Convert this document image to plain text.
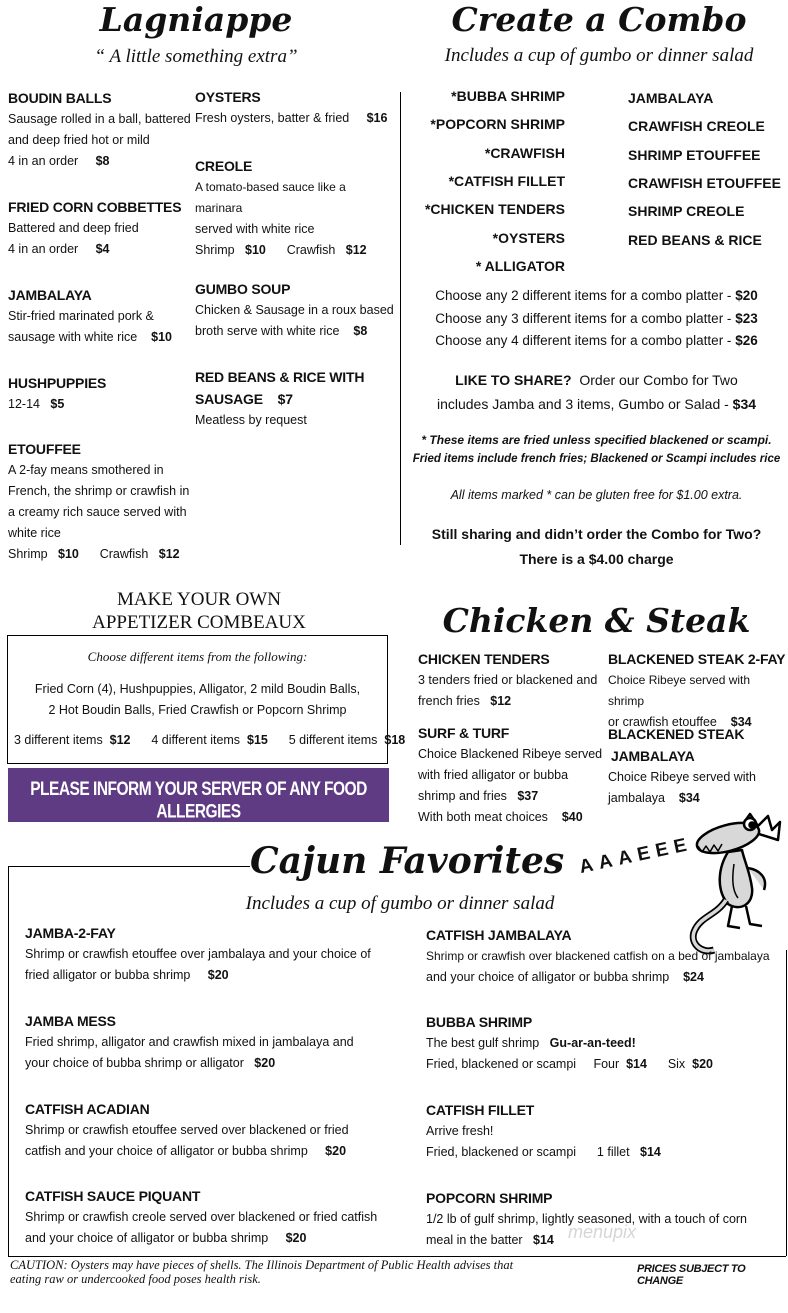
Lagniappe
“ A little something extra”
BOUDIN BALLS
Sausage rolled in a ball, battered
and deep fried hot or mild
4 in an order $8
FRIED CORN COBBETTES
Battered and deep fried
4 in an order $4
JAMBALAYA
Stir-fried marinated pork &
sausage with white rice $10
HUSHPUPPIES
12-14 $5
ETOUFFEE
A 2-fay means smothered in
French, the shrimp or crawfish in
a creamy rich sauce served with
white rice
Shrimp $10 Crawfish $12
OYSTERS
Fresh oysters, batter & fried $16
CREOLE
A tomato-based sauce like a marinara
served with white rice
Shrimp $10 Crawfish $12
GUMBO SOUP
Chicken & Sausage in a roux based
broth serve with white rice $8
RED BEANS & RICE WITH
SAUSAGE $7
Meatless by request
Create a Combo
Includes a cup of gumbo or dinner salad
*BUBBA SHRIMP
*POPCORN SHRIMP
*CRAWFISH
*CATFISH FILLET
*CHICKEN TENDERS
*OYSTERS
* ALLIGATOR
JAMBALAYA
CRAWFISH CREOLE
SHRIMP ETOUFFEE
CRAWFISH ETOUFFEE
SHRIMP CREOLE
RED BEANS & RICE
Choose any 2 different items for a combo platter - $20
Choose any 3 different items for a combo platter - $23
Choose any 4 different items for a combo platter - $26
LIKE TO SHARE? Order our Combo for Two
includes Jamba and 3 items, Gumbo or Salad - $34
* These items are fried unless specified blackened or scampi.
Fried items include french fries; Blackened or Scampi includes rice
All items marked * can be gluten free for $1.00 extra.
Still sharing and didn’t order the Combo for Two?
There is a $4.00 charge
MAKE YOUR OWN
APPETIZER COMBEAUX
Choose different items from the following:
Fried Corn (4), Hushpuppies, Alligator, 2 mild Boudin Balls,
2 Hot Boudin Balls, Fried Crawfish or Popcorn Shrimp
3 different items $12 4 different items $15 5 different items $18
PLEASE INFORM YOUR SERVER OF ANY FOOD ALLERGIES
Chicken & Steak
CHICKEN TENDERS
3 tenders fried or blackened and
french fries $12
SURF & TURF
Choice Blackened Ribeye served
with fried alligator or bubba
shrimp and fries $37
With both meat choices $40
BLACKENED STEAK 2-FAY
Choice Ribeye served with shrimp
or crawfish etouffee $34
BLACKENED STEAK
JAMBALAYA
Choice Ribeye served with
jambalaya $34
Cajun Favorites AAAEEE
Includes a cup of gumbo or dinner salad
JAMBA-2-FAY
Shrimp or crawfish etouffee over jambalaya and your choice of
fried alligator or bubba shrimp $20
JAMBA MESS
Fried shrimp, alligator and crawfish mixed in jambalaya and
your choice of bubba shrimp or alligator $20
CATFISH ACADIAN
Shrimp or crawfish etouffee served over blackened or fried
catfish and your choice of alligator or bubba shrimp $20
CATFISH SAUCE PIQUANT
Shrimp or crawfish creole served over blackened or fried catfish
and your choice of alligator or bubba shrimp $20
CATFISH JAMBALAYA
Shrimp or crawfish over blackened catfish on a bed of jambalaya
and your choice of alligator or bubba shrimp $24
BUBBA SHRIMP
The best gulf shrimp Gu-ar-an-teed!
Fried, blackened or scampi Four $14 Six $20
CATFISH FILLET
Arrive fresh!
Fried, blackened or scampi 1 fillet $14
POPCORN SHRIMP
1/2 lb of gulf shrimp, lightly seasoned, with a touch of corn
meal in the batter $14 menupix
CAUTION: Oysters may have pieces of shells. The Illinois Department of Public Health advises that
eating raw or undercooked food poses health risk.
PRICES SUBJECT TO CHANGE
